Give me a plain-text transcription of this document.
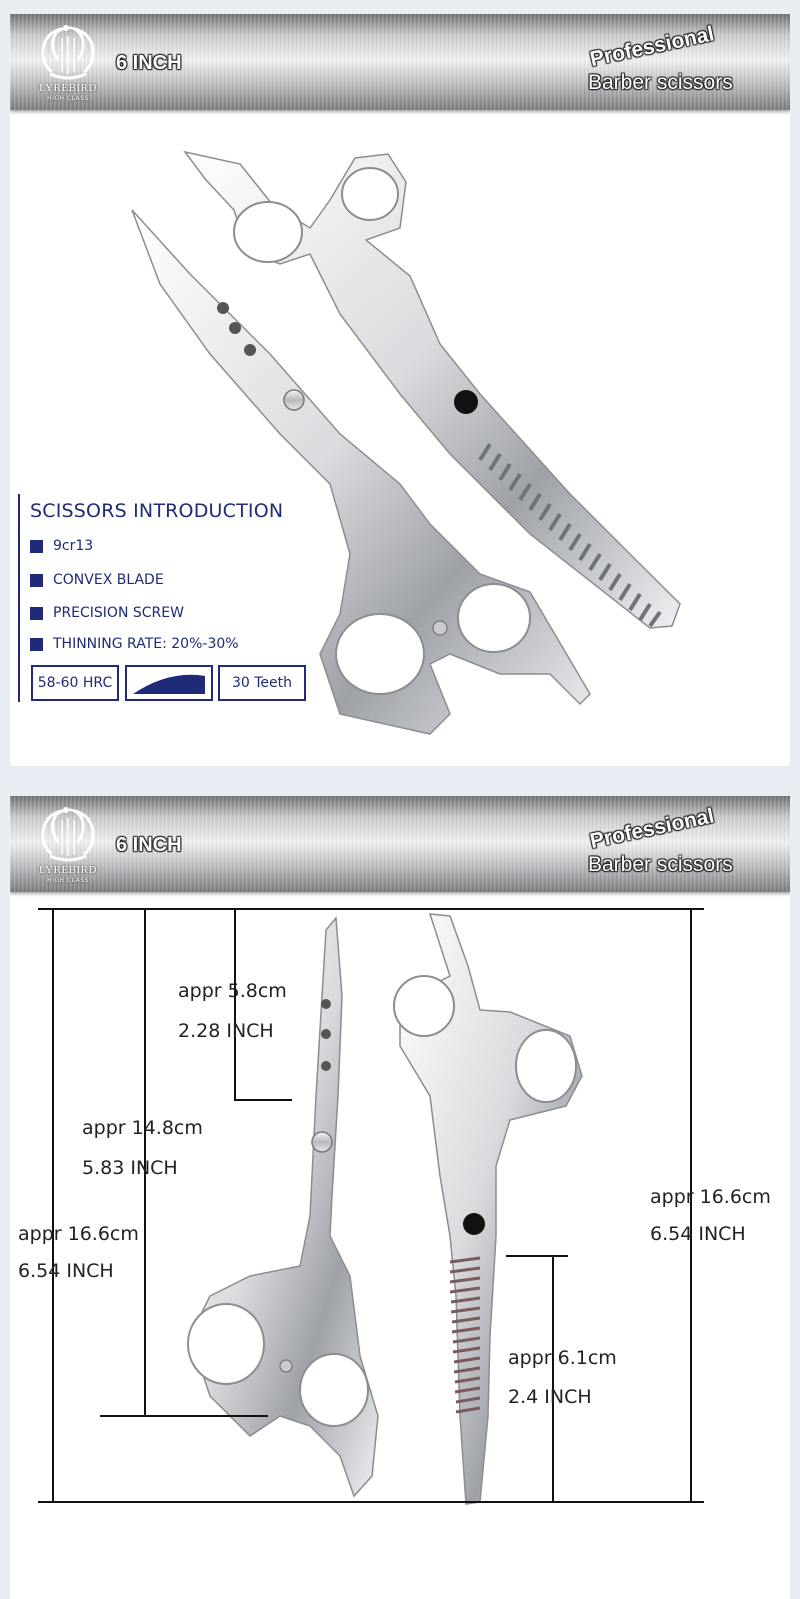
LYREBIRD
HIGH CLASS
6 INCH	Professional
Barber scissors
SCISSORS INTRODUCTION
9cr13
CONVEX BLADE
PRECISION SCREW
THINNING RATE: 20%-30%
58-60 HRC	30 Teeth
LYREBIRD
HIGH CLASS
6 INCH	Professional
Barber scissors
appr 5.8cm
2.28 INCH
appr 14.8cm
5.83 INCH
appr 16.6cm
6.54 INCH
appr 16.6cm
6.54 INCH
appr 6.1cm
2.4 INCH
